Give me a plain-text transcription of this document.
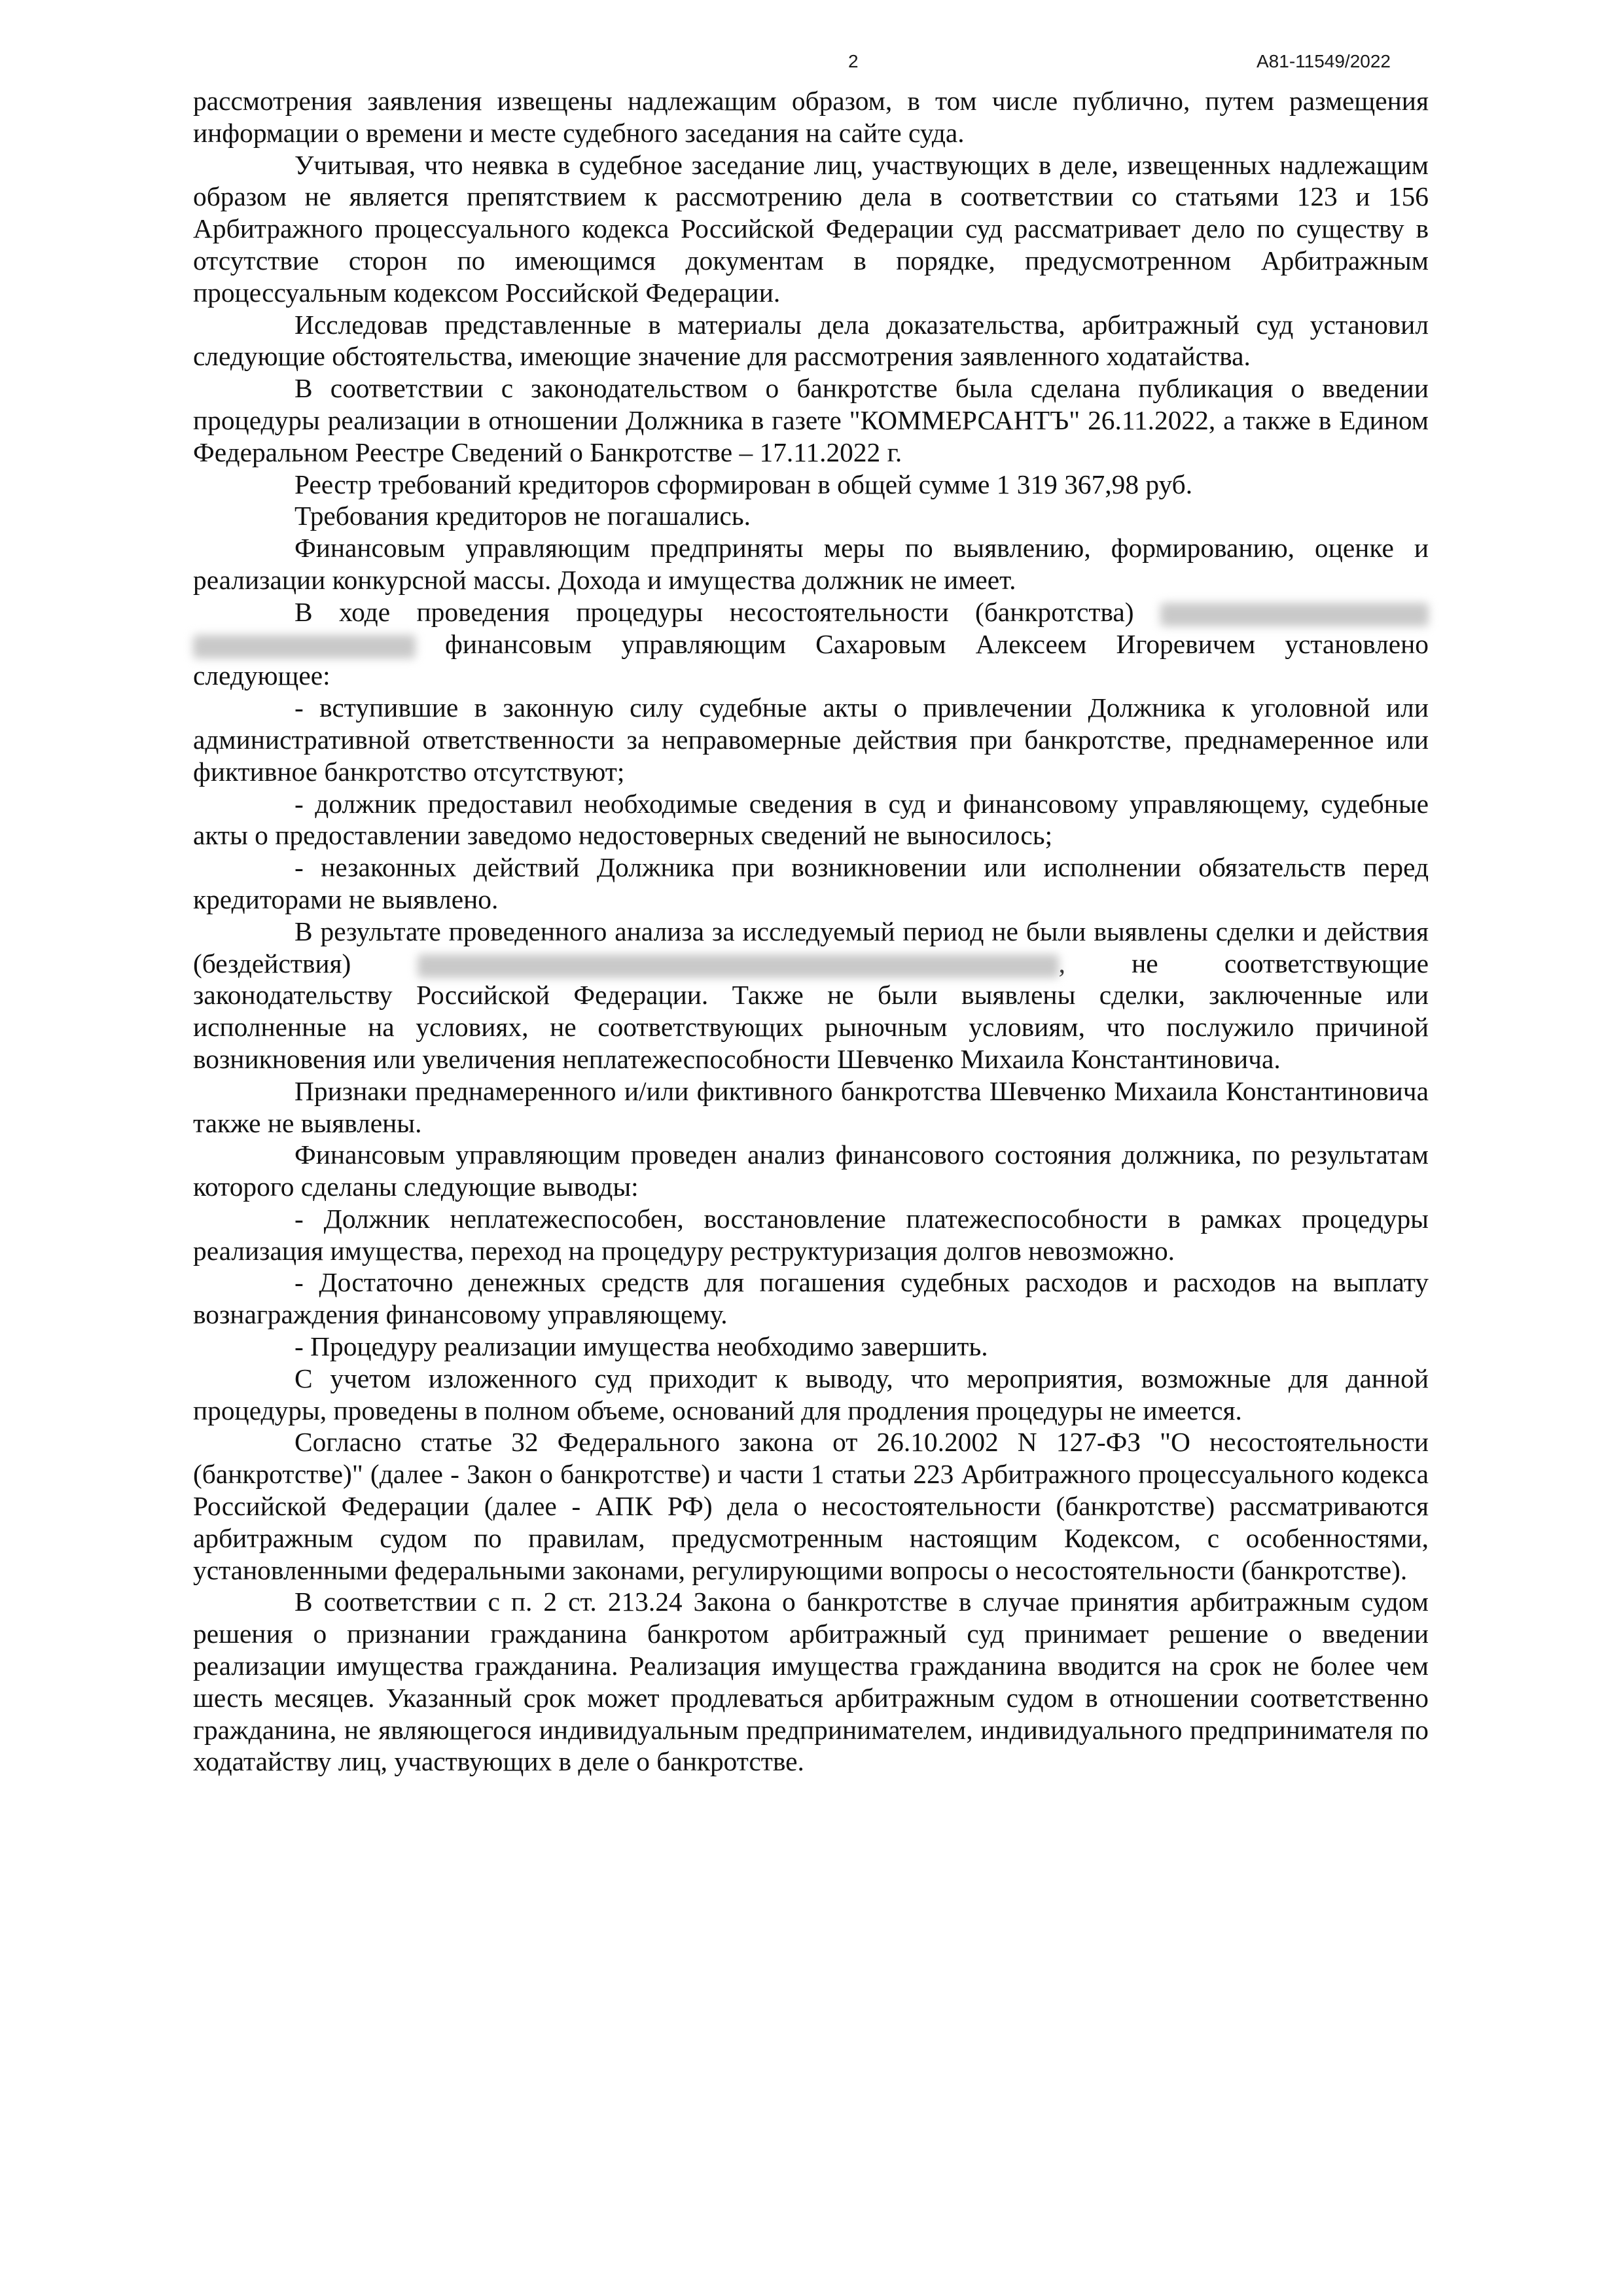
2	А81-11549/2022

рассмотрения заявления извещены надлежащим образом, в том числе публично, путем размещения информации о времени и месте судебного заседания на сайте суда.

Учитывая, что неявка в судебное заседание лиц, участвующих в деле, извещенных надлежащим образом не является препятствием к рассмотрению дела в соответствии со статьями 123 и 156 Арбитражного процессуального кодекса Российской Федерации суд рассматривает дело по существу в отсутствие сторон по имеющимся документам в порядке, предусмотренном Арбитражным процессуальным кодексом Российской Федерации.

Исследовав представленные в материалы дела доказательства, арбитражный суд установил следующие обстоятельства, имеющие значение для рассмотрения заявленного ходатайства.

В соответствии с законодательством о банкротстве была сделана публикация о введении процедуры реализации в отношении Должника в газете "КОММЕРСАНТЪ" 26.11.2022, а также в Едином Федеральном Реестре Сведений о Банкротстве – 17.11.2022 г.

Реестр требований кредиторов сформирован в общей сумме 1 319 367,98 руб.

Требования кредиторов не погашались.

Финансовым управляющим предприняты меры по выявлению, формированию, оценке и реализации конкурсной массы. Дохода и имущества должник не имеет.

В ходе проведения процедуры несостоятельности (банкротства)   финансовым управляющим Сахаровым Алексеем Игоревичем установлено следующее:

- вступившие в законную силу судебные акты о привлечении Должника к уголовной или административной ответственности за неправомерные действия при банкротстве, преднамеренное или фиктивное банкротство отсутствуют;

- должник предоставил необходимые сведения в суд и финансовому управляющему, судебные акты о предоставлении заведомо недостоверных сведений не выносилось;

- незаконных действий Должника при возникновении или исполнении обязательств перед кредиторами не выявлено.

В результате проведенного анализа за исследуемый период не были выявлены сделки и действия (бездействия)	, не соответствующие законодательству Российской Федерации. Также не были выявлены сделки, заключенные или исполненные на условиях, не соответствующих рыночным условиям, что послужило причиной возникновения или увеличения неплатежеспособности Шевченко Михаила Константиновича.

Признаки преднамеренного и/или фиктивного банкротства Шевченко Михаила Константиновича также не выявлены.

Финансовым управляющим проведен анализ финансового состояния должника, по результатам которого сделаны следующие выводы:

- Должник неплатежеспособен, восстановление платежеспособности в рамках процедуры реализация имущества, переход на процедуру реструктуризация долгов невозможно.

- Достаточно денежных средств для погашения судебных расходов и расходов на выплату вознаграждения финансовому управляющему.

- Процедуру реализации имущества необходимо завершить.

С учетом изложенного суд приходит к выводу, что мероприятия, возможные для данной процедуры, проведены в полном объеме, оснований для продления процедуры не имеется.

Согласно статье 32 Федерального закона от 26.10.2002 N 127-ФЗ "О несостоятельности (банкротстве)" (далее - Закон о банкротстве) и части 1 статьи 223 Арбитражного процессуального кодекса Российской Федерации (далее - АПК РФ) дела о несостоятельности (банкротстве) рассматриваются арбитражным судом по правилам, предусмотренным настоящим Кодексом, с особенностями, установленными федеральными законами, регулирующими вопросы о несостоятельности (банкротстве).

В соответствии с п. 2 ст. 213.24 Закона о банкротстве в случае принятия арбитражным судом решения о признании гражданина банкротом арбитражный суд принимает решение о введении реализации имущества гражданина. Реализация имущества гражданина вводится на срок не более чем шесть месяцев. Указанный срок может продлеваться арбитражным судом в отношении соответственно гражданина, не являющегося индивидуальным предпринимателем, индивидуального предпринимателя по ходатайству лиц, участвующих в деле о банкротстве.
